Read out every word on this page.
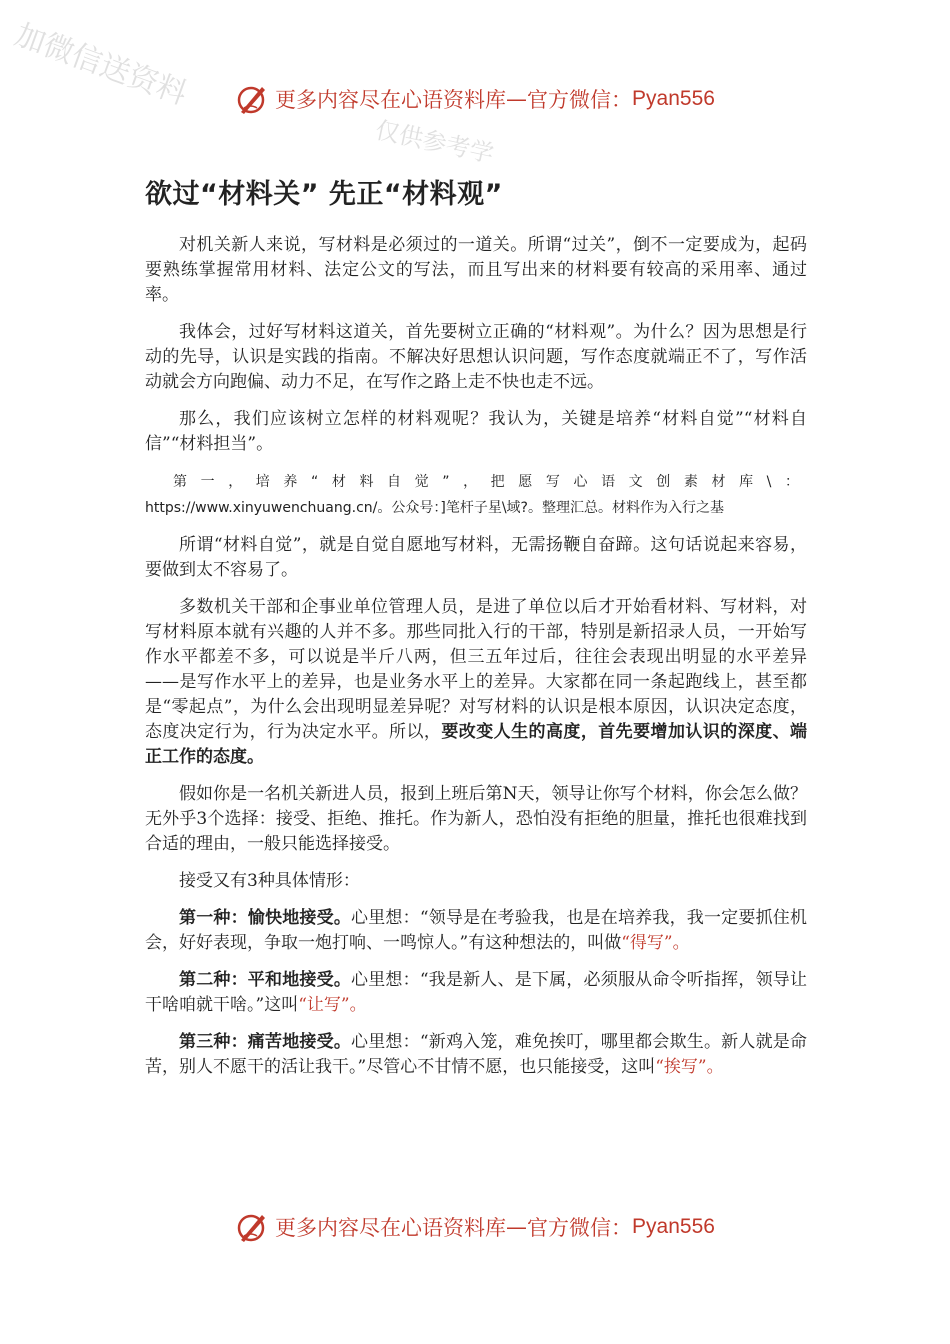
加微信送资料
仅供参考学
更多内容尽在心语资料库 — 官方微信： Pyan556
欲过“材料关” 先正“材料观”

对机关新人来说，写材料是必须过的一道关。所谓“过关”，倒不一定要成为，起码要熟练掌握常用材料、法定公文的写法，而且写出来的材料要有较高的采用率、通过率。

我体会，过好写材料这道关，首先要树立正确的“材料观”。为什么？因为思想是行动的先导，认识是实践的指南。不解决好思想认识问题，写作态度就端正不了，写作活动就会方向跑偏、动力不足，在写作之路上走不快也走不远。

那么，我们应该树立怎样的材料观呢？我认为，关键是培养“材料自觉”“材料自信”“材料担当”。

第一，培养“材料自觉”，把愿写心语文创素材库\： https://www.xinyuwenchuang.cn/。公众号：]笔杆子星\域?。整理汇总。材料作为入行之基

所谓“材料自觉”，就是自觉自愿地写材料，无需扬鞭自奋蹄。这句话说起来容易，要做到太不容易了。

多数机关干部和企事业单位管理人员，是进了单位以后才开始看材料、写材料，对写材料原本就有兴趣的人并不多。那些同批入行的干部，特别是新招录人员，一开始写作水平都差不多，可以说是半斤八两，但三五年过后，往往会表现出明显的水平差异——是写作水平上的差异，也是业务水平上的差异。大家都在同一条起跑线上，甚至都是“零起点”，为什么会出现明显差异呢？对写材料的认识是根本原因，认识决定态度，态度决定行为，行为决定水平。所以，要改变人生的高度，首先要增加认识的深度、端正工作的态度。

假如你是一名机关新进人员，报到上班后第N天，领导让你写个材料，你会怎么做？无外乎3个选择：接受、拒绝、推托。作为新人，恐怕没有拒绝的胆量，推托也很难找到合适的理由，一般只能选择接受。

接受又有3种具体情形：

第一种：愉快地接受。心里想：“领导是在考验我，也是在培养我，我一定要抓住机会，好好表现，争取一炮打响、一鸣惊人。”有这种想法的，叫做“得写”。

第二种：平和地接受。心里想：“我是新人、是下属，必须服从命令听指挥，领导让干啥咱就干啥。”这叫“让写”。

第三种：痛苦地接受。心里想：“新鸡入笼，难免挨叮，哪里都会欺生。新人就是命苦，别人不愿干的活让我干。”尽管心不甘情不愿，也只能接受，这叫“挨写”。

更多内容尽在心语资料库 — 官方微信： Pyan556
